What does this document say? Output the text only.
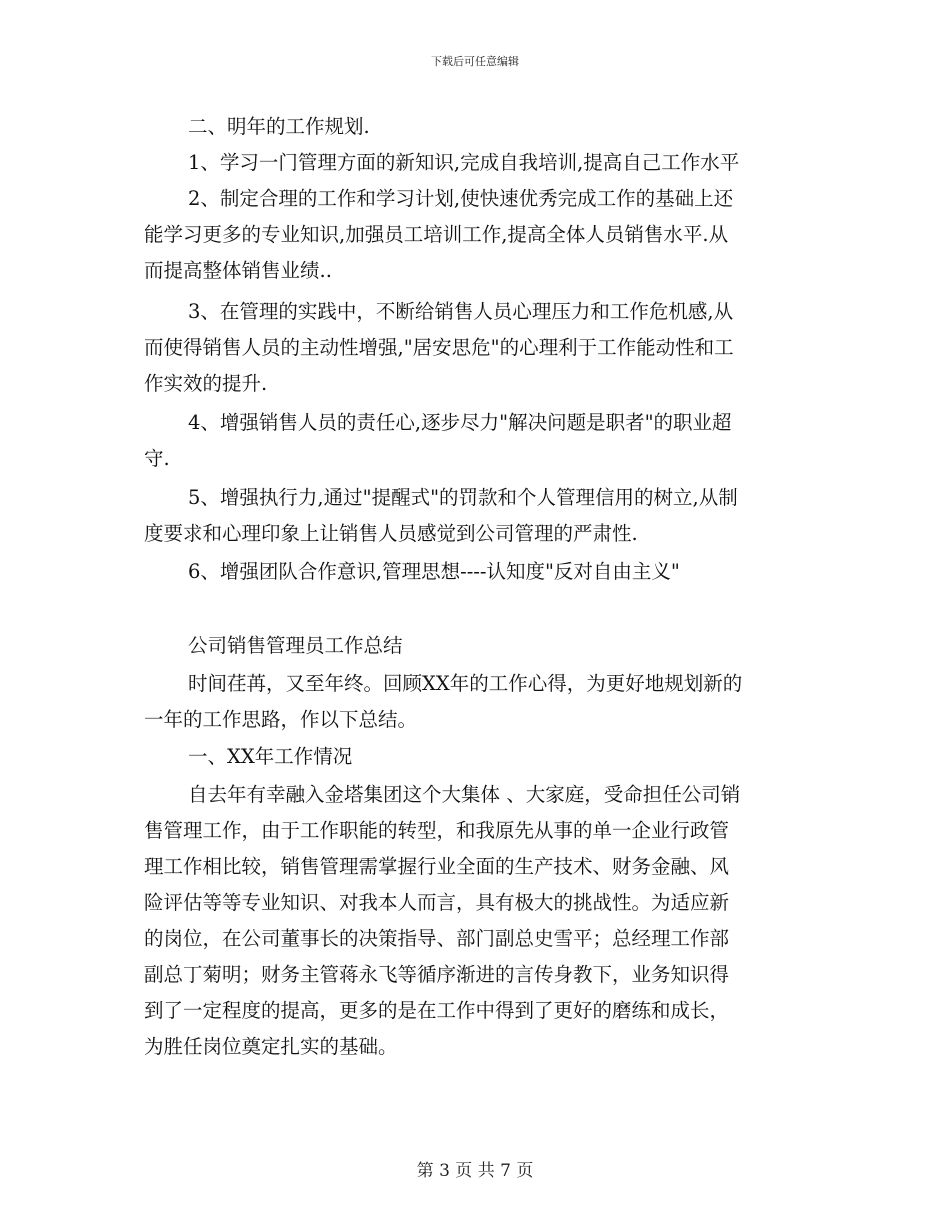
下载后可任意编辑
二、明年的工作规划.
1、学习一门管理方面的新知识,完成自我培训,提高自己工作水平
2、制定合理的工作和学习计划,使快速优秀完成工作的基础上还
能学习更多的专业知识,加强员工培训工作,提高全体人员销售水平.从
而提高整体销售业绩..
3、在管理的实践中，不断给销售人员心理压力和工作危机感,从
而使得销售人员的主动性增强,"居安思危"的心理利于工作能动性和工
作实效的提升.
4、增强销售人员的责任心,逐步尽力"解决问题是职者"的职业超
守.
5、增强执行力,通过"提醒式"的罚款和个人管理信用的树立,从制
度要求和心理印象上让销售人员感觉到公司管理的严肃性.
6、增强团队合作意识,管理思想----认知度"反对自由主义"
公司销售管理员工作总结
时间荏苒，又至年终。回顾XX年的工作心得，为更好地规划新的
一年的工作思路，作以下总结。
一、XX年工作情况
自去年有幸融入金塔集团这个大集体 、大家庭，受命担任公司销
售管理工作，由于工作职能的转型，和我原先从事的单一企业行政管
理工作相比较，销售管理需掌握行业全面的生产技术、财务金融、风
险评估等等专业知识、对我本人而言，具有极大的挑战性。为适应新
的岗位，在公司董事长的决策指导、部门副总史雪平；总经理工作部
副总丁菊明；财务主管蒋永飞等循序渐进的言传身教下，业务知识得
到了一定程度的提高，更多的是在工作中得到了更好的磨练和成长，
为胜任岗位奠定扎实的基础。
第 3 页 共 7 页
